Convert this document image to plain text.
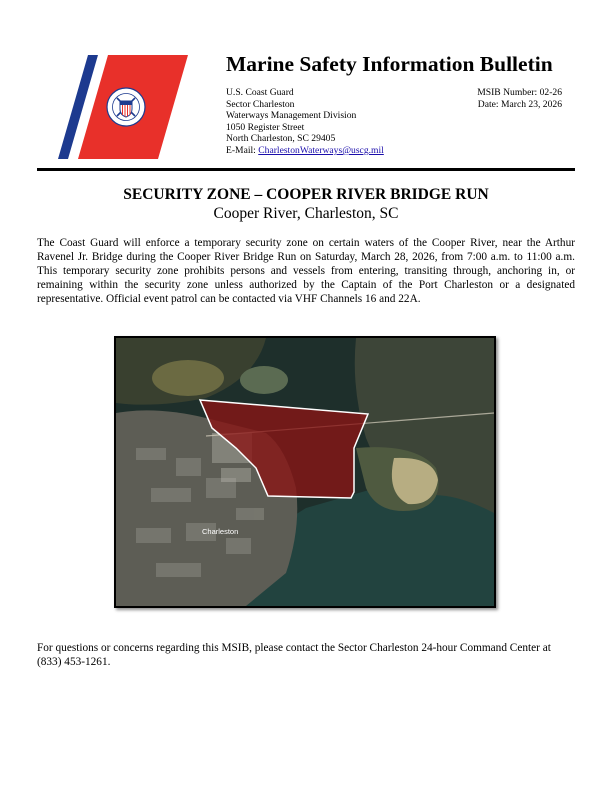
Marine Safety Information Bulletin
U.S. Coast Guard
Sector Charleston
Waterways Management Division
1050 Register Street
North Charleston, SC 29405
E-Mail: CharlestonWaterways@uscg.mil
MSIB Number: 02-26
Date: March 23, 2026
SECURITY ZONE – COOPER RIVER BRIDGE RUN
Cooper River, Charleston, SC

The Coast Guard will enforce a temporary security zone on certain waters of the Cooper River, near the Arthur Ravenel Jr. Bridge during the Cooper River Bridge Run on Saturday, March 28, 2026, from 7:00 a.m. to 11:00 a.m. This temporary security zone prohibits persons and vessels from entering, transiting through, anchoring in, or remaining within the security zone unless authorized by the Captain of the Port Charleston or a designated representative. Official event patrol can be contacted via VHF Channels 16 and 22A.

Charleston

For questions or concerns regarding this MSIB, please contact the Sector Charleston 24-hour Command Center at (833) 453-1261.
